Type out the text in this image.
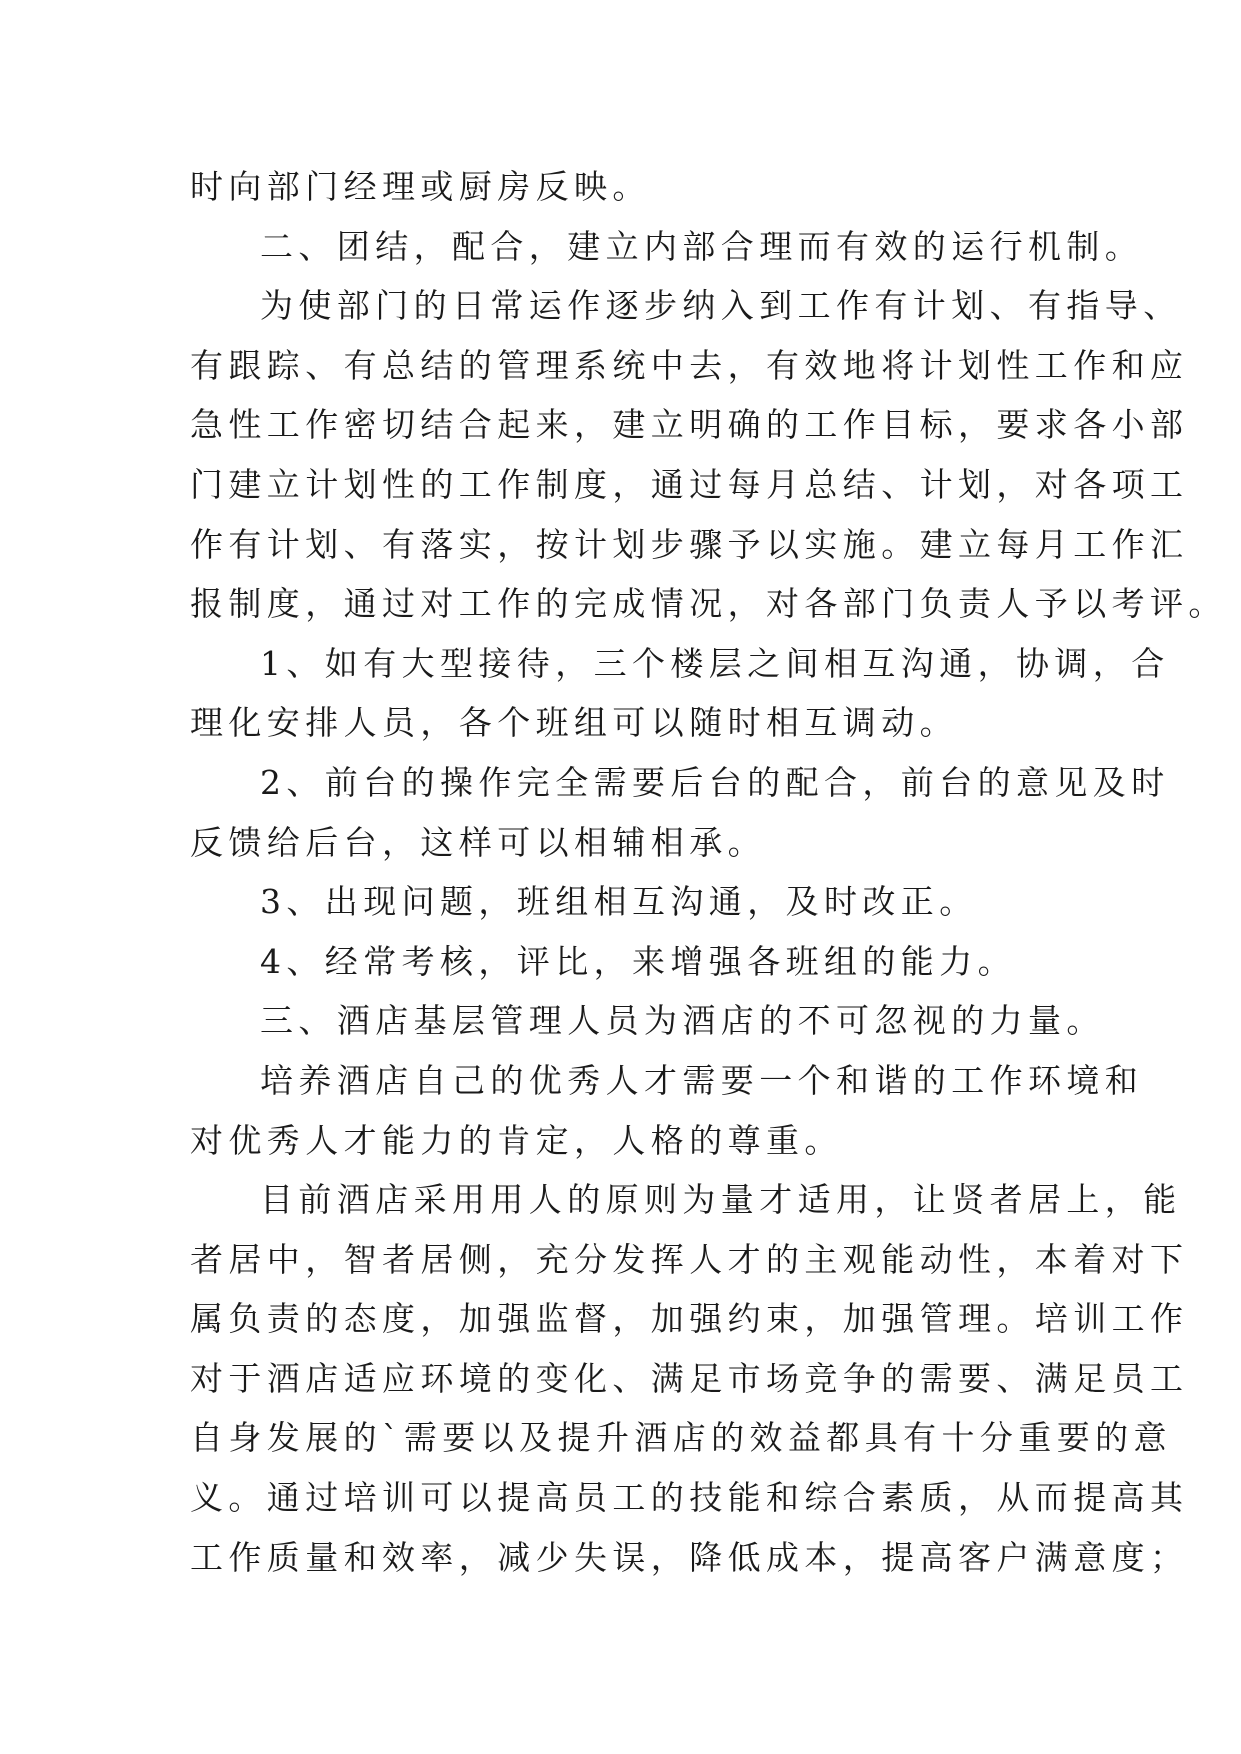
时向部门经理或厨房反映。
二、团结，配合，建立内部合理而有效的运行机制。
为使部门的日常运作逐步纳入到工作有计划、有指导、
有跟踪、有总结的管理系统中去，有效地将计划性工作和应
急性工作密切结合起来，建立明确的工作目标，要求各小部
门建立计划性的工作制度，通过每月总结、计划，对各项工
作有计划、有落实，按计划步骤予以实施。建立每月工作汇
报制度，通过对工作的完成情况，对各部门负责人予以考评。
1、如有大型接待，三个楼层之间相互沟通，协调，合
理化安排人员，各个班组可以随时相互调动。
2、前台的操作完全需要后台的配合，前台的意见及时
反馈给后台，这样可以相辅相承。
3、出现问题，班组相互沟通，及时改正。
4、经常考核，评比，来增强各班组的能力。
三、酒店基层管理人员为酒店的不可忽视的力量。
培养酒店自己的优秀人才需要一个和谐的工作环境和
对优秀人才能力的肯定，人格的尊重。
目前酒店采用用人的原则为量才适用，让贤者居上，能
者居中，智者居侧，充分发挥人才的主观能动性，本着对下
属负责的态度，加强监督，加强约束，加强管理。培训工作
对于酒店适应环境的变化、满足市场竞争的需要、满足员工
自身发展的`需要以及提升酒店的效益都具有十分重要的意
义。通过培训可以提高员工的技能和综合素质，从而提高其
工作质量和效率，减少失误，降低成本，提高客户满意度；
